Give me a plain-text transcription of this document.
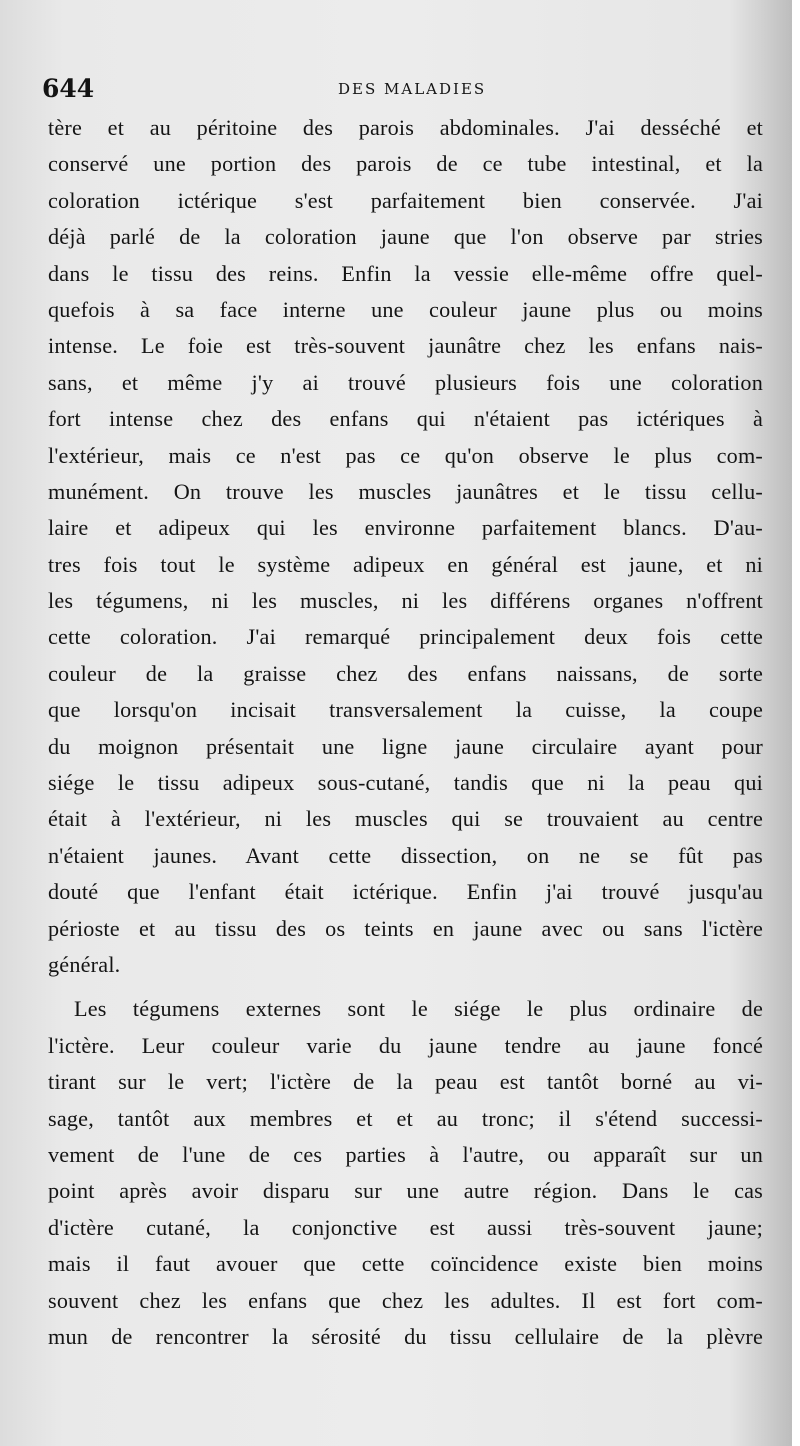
644	DES MALADIES
tère et au péritoine des parois abdominales. J'ai desséché et
conservé une portion des parois de ce tube intestinal, et la
coloration ictérique s'est parfaitement bien conservée. J'ai
déjà parlé de la coloration jaune que l'on observe par stries
dans le tissu des reins. Enfin la vessie elle-même offre quel-
quefois à sa face interne une couleur jaune plus ou moins
intense. Le foie est très-souvent jaunâtre chez les enfans nais-
sans, et même j'y ai trouvé plusieurs fois une coloration
fort intense chez des enfans qui n'étaient pas ictériques à
l'extérieur, mais ce n'est pas ce qu'on observe le plus com-
munément. On trouve les muscles jaunâtres et le tissu cellu-
laire et adipeux qui les environne parfaitement blancs. D'au-
tres fois tout le système adipeux en général est jaune, et ni
les tégumens, ni les muscles, ni les différens organes n'offrent
cette coloration. J'ai remarqué principalement deux fois cette
couleur de la graisse chez des enfans naissans, de sorte
que lorsqu'on incisait transversalement la cuisse, la coupe
du moignon présentait une ligne jaune circulaire ayant pour
siége le tissu adipeux sous-cutané, tandis que ni la peau qui
était à l'extérieur, ni les muscles qui se trouvaient au centre
n'étaient jaunes. Avant cette dissection, on ne se fût pas
douté que l'enfant était ictérique. Enfin j'ai trouvé jusqu'au
périoste et au tissu des os teints en jaune avec ou sans l'ictère
général.
Les tégumens externes sont le siége le plus ordinaire de
l'ictère. Leur couleur varie du jaune tendre au jaune foncé
tirant sur le vert; l'ictère de la peau est tantôt borné au vi-
sage, tantôt aux membres et et au tronc; il s'étend successi-
vement de l'une de ces parties à l'autre, ou apparaît sur un
point après avoir disparu sur une autre région. Dans le cas
d'ictère cutané, la conjonctive est aussi très-souvent jaune;
mais il faut avouer que cette coïncidence existe bien moins
souvent chez les enfans que chez les adultes. Il est fort com-
mun de rencontrer la sérosité du tissu cellulaire de la plèvre
